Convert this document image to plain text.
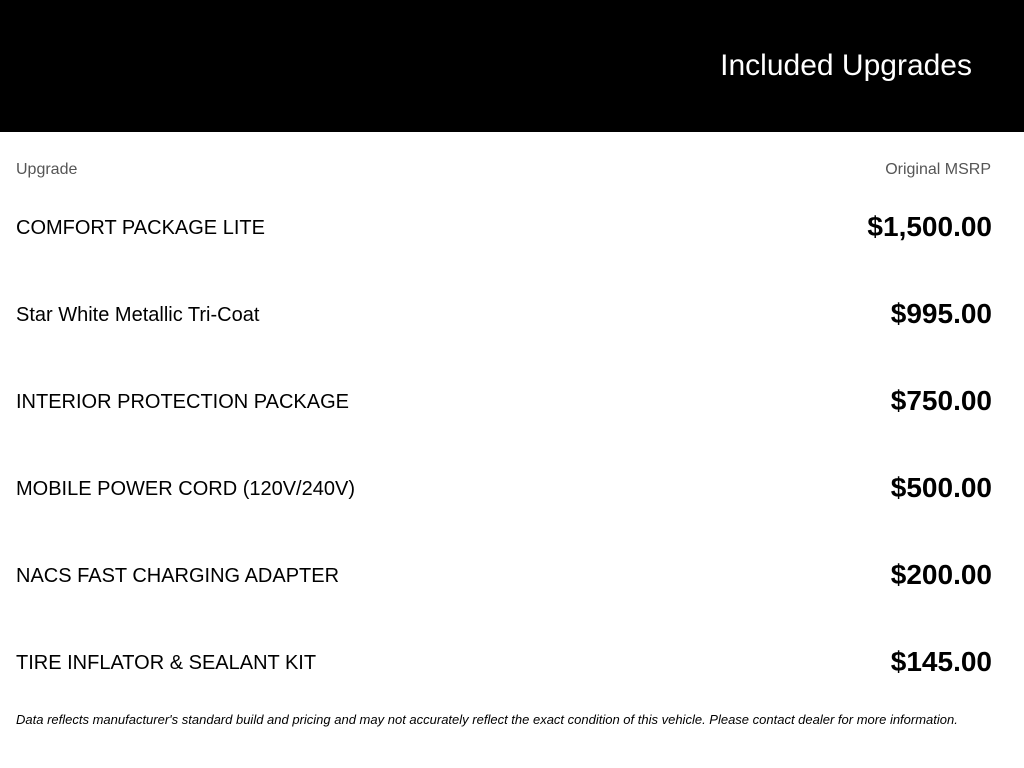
Included Upgrades
Upgrade	Original MSRP
COMFORT PACKAGE LITE	$1,500.00
Star White Metallic Tri-Coat	$995.00
INTERIOR PROTECTION PACKAGE	$750.00
MOBILE POWER CORD (120V/240V)	$500.00
NACS FAST CHARGING ADAPTER	$200.00
TIRE INFLATOR & SEALANT KIT	$145.00

Data reflects manufacturer's standard build and pricing and may not accurately reflect the exact condition of this vehicle. Please contact dealer for more information.
